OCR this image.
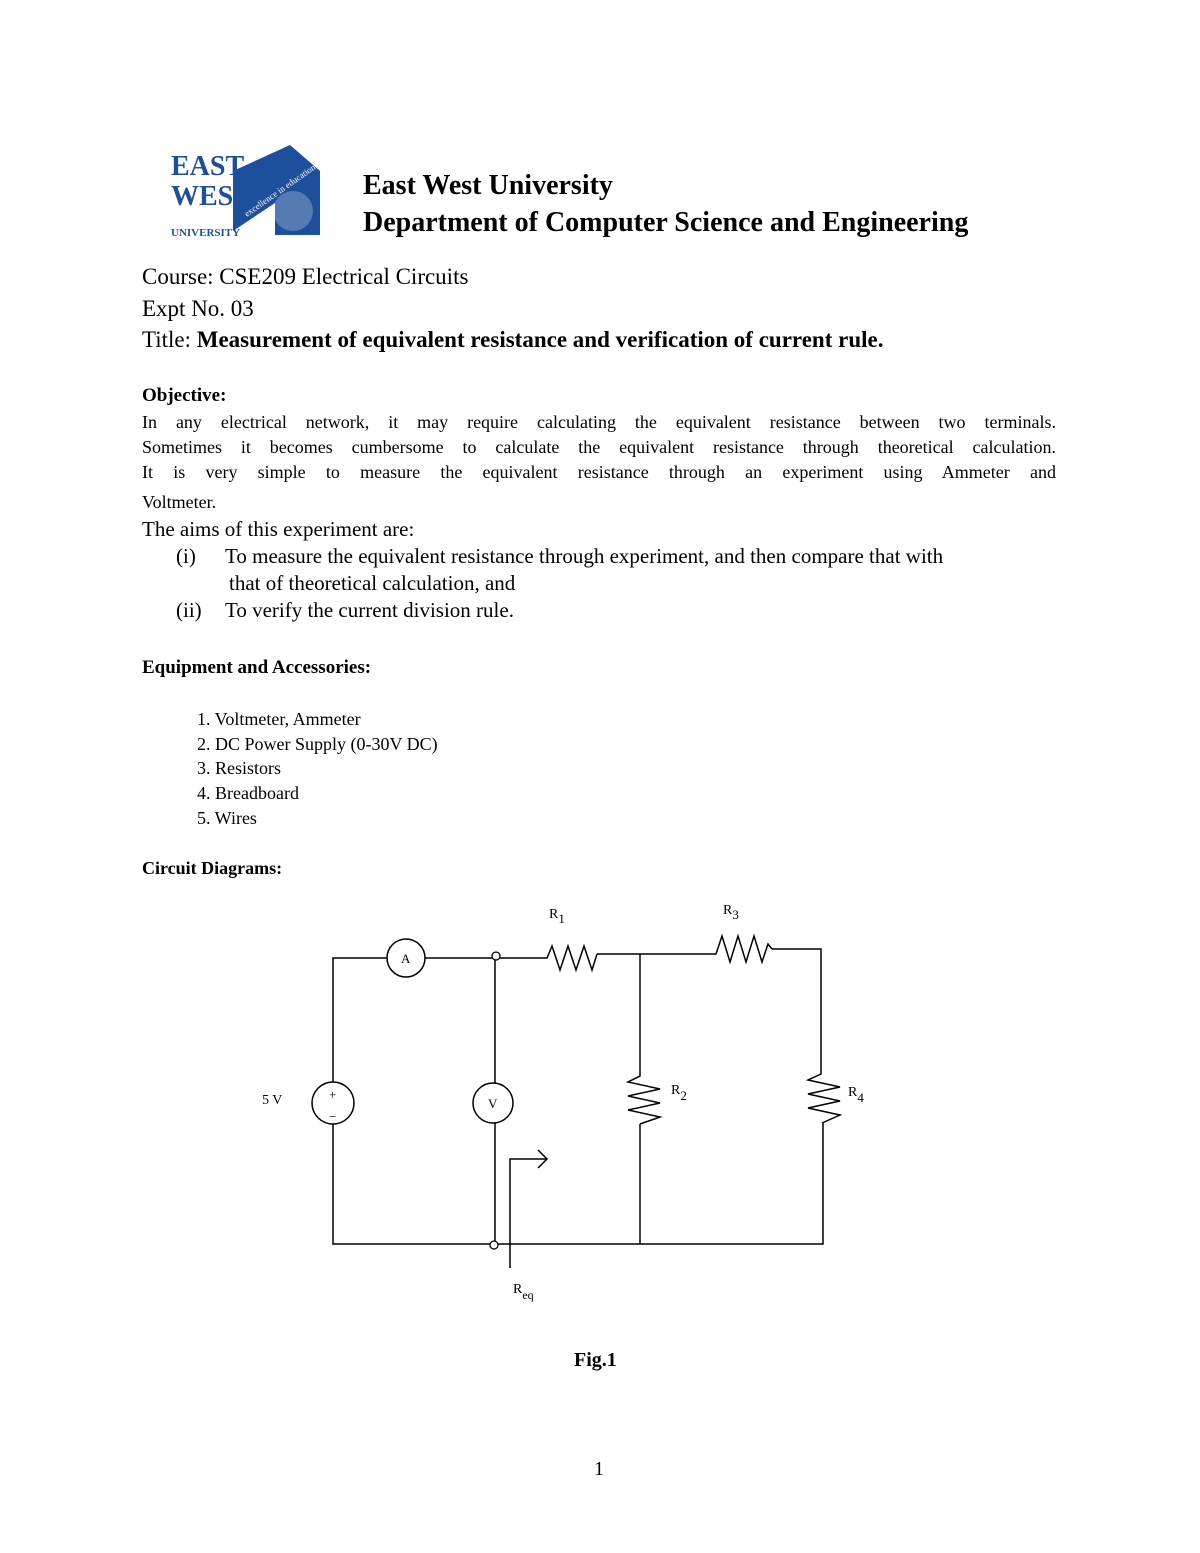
EAST
WEST
UNIVERSITY
excellence in education East West University
Department of Computer Science and Engineering
Course: CSE209 Electrical Circuits
Expt No. 03
Title: Measurement of equivalent resistance and verification of current rule.
Objective:
In any electrical network, it may require calculating the equivalent resistance between two terminals.
Sometimes it becomes cumbersome to calculate the equivalent resistance through theoretical calculation.
It is very simple to measure the equivalent resistance through an experiment using Ammeter and
Voltmeter.
The aims of this experiment are:
(i) To measure the equivalent resistance through experiment, and then compare that with
that of theoretical calculation, and
(ii) To verify the current division rule.
Equipment and Accessories:
1. Voltmeter, Ammeter
2. DC Power Supply (0-30V DC)
3. Resistors
4. Breadboard
5. Wires
Circuit Diagrams:
A
V
+
−
5 V
R1
R3
R2	R4
Req
Fig.1
1
